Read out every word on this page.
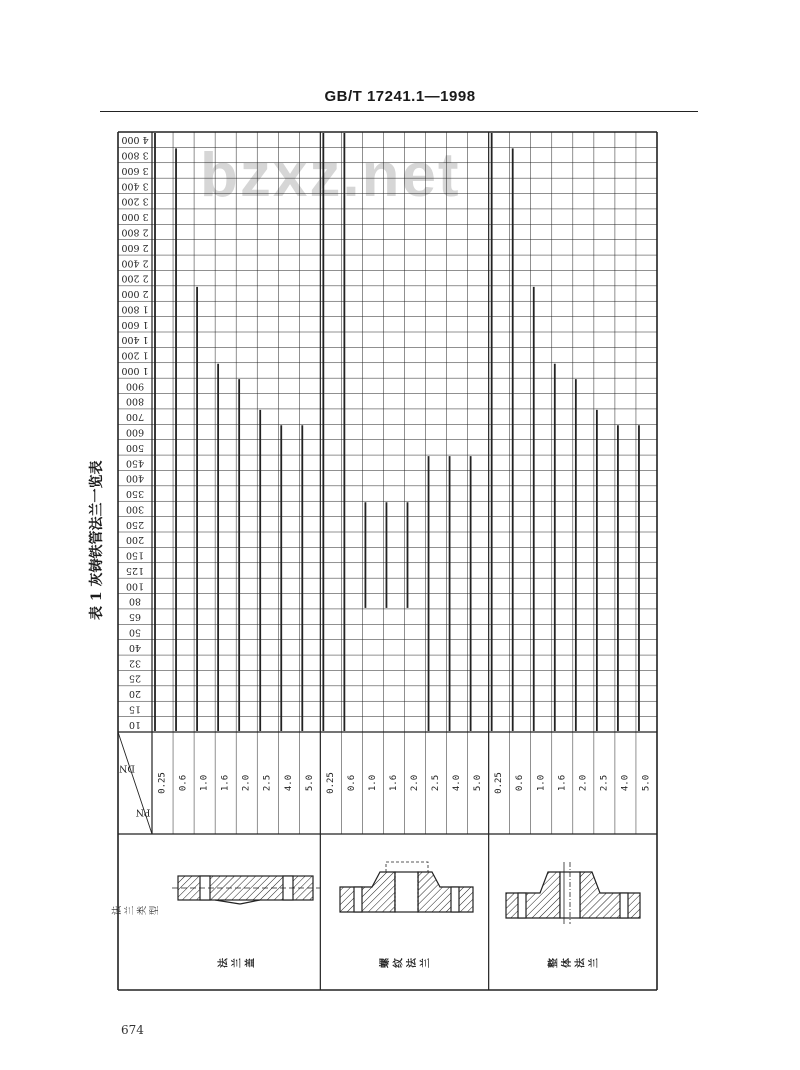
GB/T 17241.1—1998
bzxz.net
表 1 灰铸铁管法兰一览表
10
15
20
25
32
40
50
65
80
100
125
150
200
250
300
350
400
450
500
600
700
800
900
1 000
1 200
1 400
1 600
1 800
2 000
2 200
2 400
2 600
2 800
3 000
3 200
3 400
3 600
3 800
4 000
DN
PN
0.25 0.6 1.0 1.6 2.0 2.5 4.0 5.0
法 兰 盖
0.25 0.6 1.0 1.6 2.0 2.5 4.0 5.0
螺 纹 法 兰
0.25 0.6 1.0 1.6 2.0 2.5 4.0 5.0
整 体 法 兰
法 兰 类 型
674
